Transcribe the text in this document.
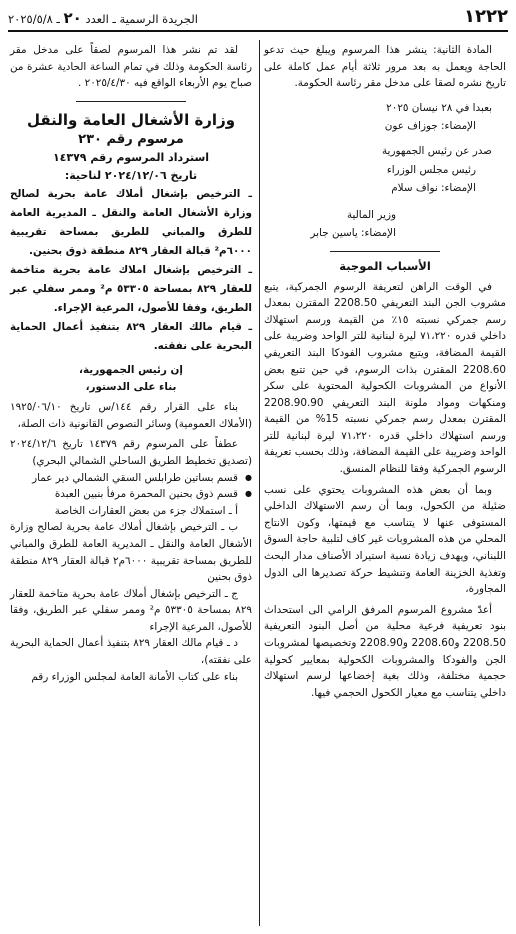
١٢٢٢
الجريدة الرسمية ـ العدد ٢٠ ـ ٢٠٢٥/٥/٨

المادة الثانية: ينشر هذا المرسوم ويبلغ حيث تدعو الحاجة ويعمل به بعد مرور ثلاثة أيام عمل كاملة على تاريخ نشره لصقا على مدخل مقر رئاسة الحكومة.

بعبدا في ٢٨ نيسان ٢٠٢٥

الإمضاء: جوزاف عون

صدر عن رئيس الجمهورية

رئيس مجلس الوزراء

الإمضاء: نواف سلام

وزير المالية

الإمضاء: ياسين جابر

الأسباب الموجبة

في الوقت الراهن لتعريفة الرسوم الجمركية، يتبع مشروب الجن البند التعريفي 2208.50 المقترن بمعدل رسم جمركي نسبته ١٥٪ من القيمة ورسم استهلاك داخلي قدره ٧١،٢٢٠ ليرة لبنانية للتر الواحد وضريبة على القيمة المضافة، ويتبع مشروب الفودكا البند التعريفي 2208.60 المقترن بذات الرسوم، في حين تتبع بعض الأنواع من المشروبات الكحولية المحتوية على سكر ومنكهات ومواد ملونة البند التعريفي 2208.90.90 المقترن بمعدل رسم جمركي نسبته 15% من القيمة ورسم استهلاك داخلي قدره ٧١،٢٢٠ ليرة لبنانية للتر الواحد وضريبة على القيمة المضافة، وذلك بحسب تعريفة الرسوم الجمركية وفقا للنظام المنسق.

وبما أن بعض هذه المشروبات يحتوي على نسب ضئيلة من الكحول، وبما أن رسم الاستهلاك الداخلي المستوفى عنها لا يتناسب مع قيمتها، وكون الانتاج المحلي من هذه المشروبات غير كاف لتلبية حاجة السوق اللبناني، ويهدف زيادة نسبة استيراد الأصناف مدار البحث وتغذية الخزينة العامة وتنشيط حركة تصديرها الى الدول المجاورة،

أعدّ مشروع المرسوم المرفق الرامي الى استحداث بنود تعريفية فرعية محلية من أصل البنود التعريفية 2208.50 و2208.60 و2208.90 وتخصيصها لمشروبات الجن والفودكا والمشروبات الكحولية بمعايير كحولية حجمية مختلفة، وذلك بغية إخضاعها لرسم استهلاك داخلي يتناسب مع معيار الكحول الحجمي فيها.

لقد تم نشر هذا المرسوم لصقاً على مدخل مقر رئاسة الحكومة وذلك في تمام الساعة الحادية عشرة من صباح يوم الأربعاء الواقع فيه ٢٠٢٥/٤/٣٠ .

وزارة الأشغال العامة والنقل

مرسوم رقم ٢٣٠

استرداد المرسوم رقم ١٤٣٧٩

تاريخ ٢٠٢٤/١٢/٠٦ لناحية:

ـ الترخيص بإشغال أملاك عامة بحرية لصالح وزارة الأشغال العامة والنقل ـ المديرية العامة للطرق والمباني للطريق بمساحة تقريبية ٦٠٠٠م² قبالة العقار ٨٢٩ منطقة ذوق بحنين.

ـ الترخيص بإشغال املاك عامة بحرية متاخمة للعقار ٨٢٩ بمساحة ٥٣٣٠٥ م² وممر سفلي عبر الطريق، وفقا للأصول، المرعية الإجراء.

ـ قيام مالك العقار ٨٢٩ بتنفيذ أعمال الحماية البحرية على نفقته.

إن رئيس الجمهورية،

بناء على الدستور،

بناء على القرار رقم ١٤٤/س تاريخ ١٩٢٥/٠٦/١٠ (الأملاك العمومية) وسائر النصوص القانونية ذات الصلة،

عطفاً على المرسوم رقم ١٤٣٧٩ تاريخ ٢٠٢٤/١٢/٦ (تصديق تخطيط الطريق الساحلي الشمالي البحري)

● قسم بساتين طرابلس السقي الشمالي دير عمار

● قسم ذوق بحنين المحمرة مرفأ بنبين العبدة

أ ـ استملاك جزء من بعض العقارات الخاصة

ب ـ الترخيص بإشغال أملاك عامة بحرية لصالح وزارة الأشغال العامة والنقل ـ المديرية العامة للطرق والمباني للطريق بمساحة تقريبية ٦٠٠٠م٢ قبالة العقار ٨٢٩ منطقة ذوق بحنين

ج ـ الترخيص بإشغال أملاك عامة بحرية متاخمة للعقار ٨٢٩ بمساحة ٥٣٣٠٥ م² وممر سفلي عبر الطريق، وفقا للأصول، المرعية الإجراء

د ـ قيام مالك العقار ٨٢٩ بتنفيذ أعمال الحماية البحرية على نفقته)،

بناء على كتاب الأمانة العامة لمجلس الوزراء رقم
